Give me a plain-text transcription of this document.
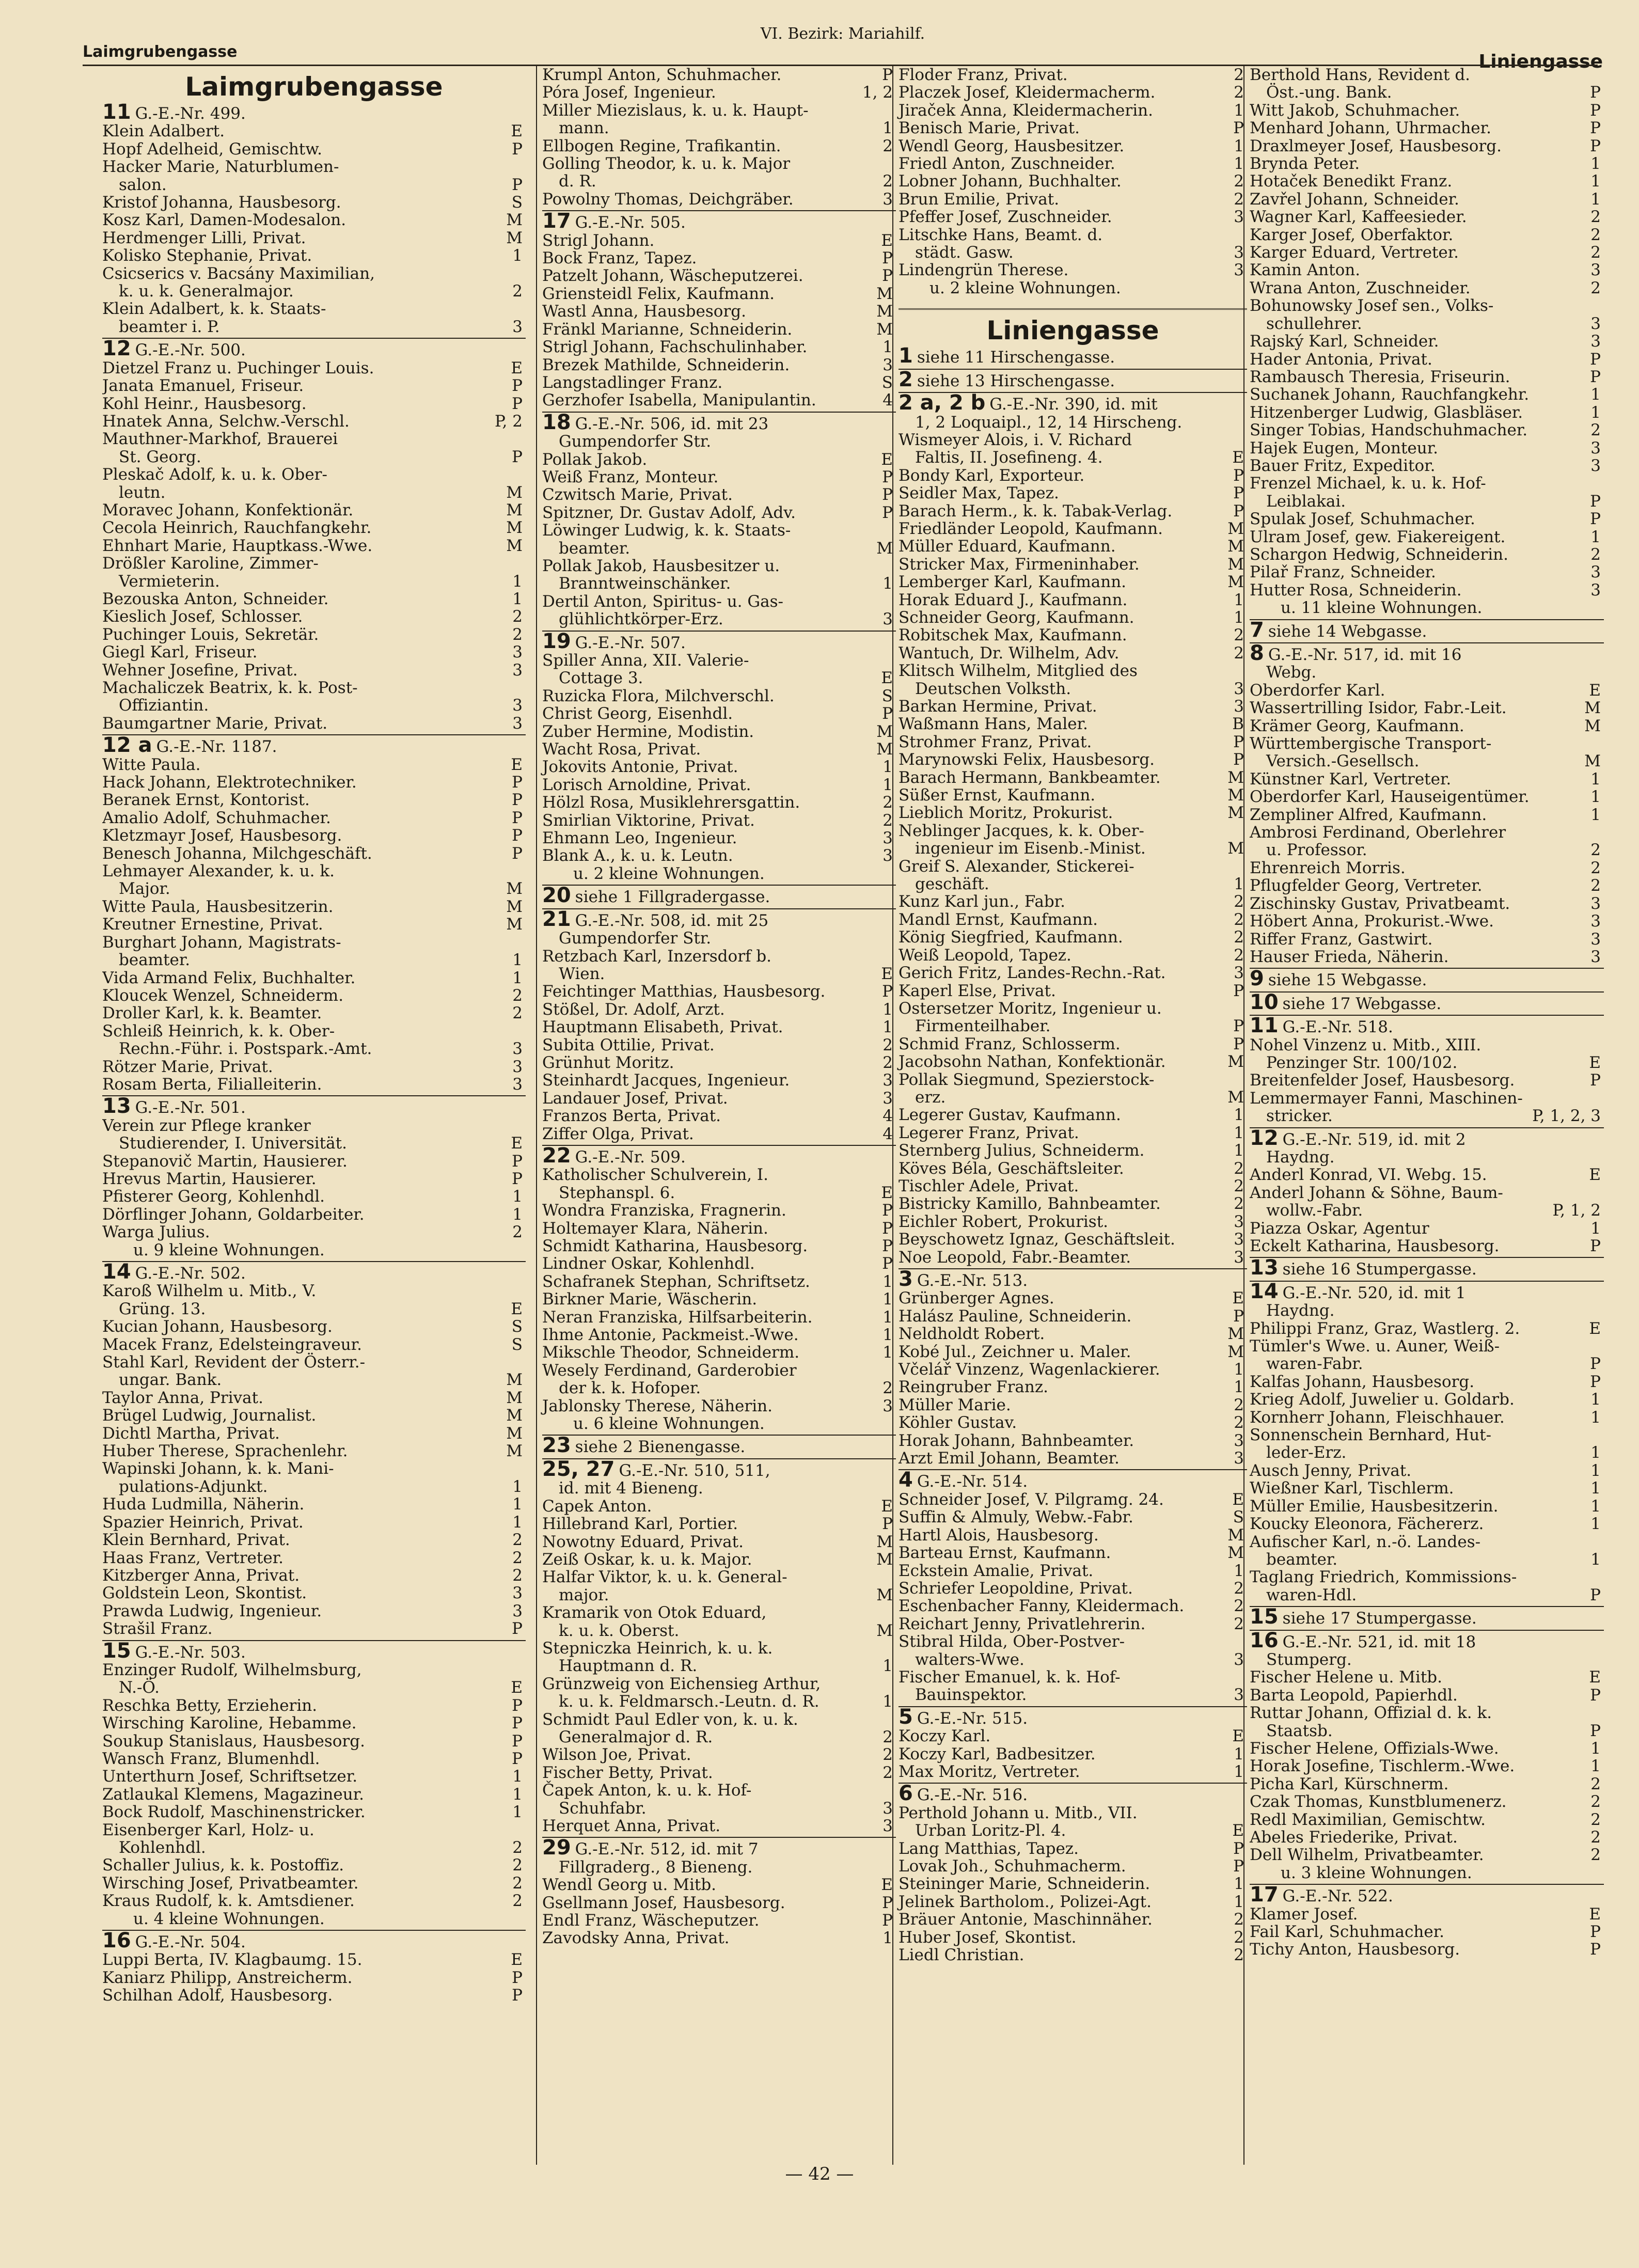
Laimgrubengasse
VI. Bezirk: Mariahilf.
Liniengasse
Laimgrubengasse
11 G.-E.-Nr. 499.
Klein Adalbert.	E
Hopf Adelheid, Gemischtw.	P
Hacker Marie, Naturblumen-
salon.	P
Kristof Johanna, Hausbesorg.	S
Kosz Karl, Damen-Modesalon.	M
Herdmenger Lilli, Privat.	M
Kolisko Stephanie, Privat.	1
Csicserics v. Bacsány Maximilian,
k. u. k. Generalmajor.	2
Klein Adalbert, k. k. Staats-
beamter i. P.	3
12 G.-E.-Nr. 500.
Dietzel Franz u. Puchinger Louis.	E
Janata Emanuel, Friseur.	P
Kohl Heinr., Hausbesorg.	P
Hnatek Anna, Selchw.-Verschl.	P, 2
Mauthner-Markhof, Brauerei
St. Georg.	P
Pleskač Adolf, k. u. k. Ober-
leutn.	M
Moravec Johann, Konfektionär.	M
Cecola Heinrich, Rauchfangkehr.	M
Ehnhart Marie, Hauptkass.-Wwe.	M
Drößler Karoline, Zimmer-
Vermieterin.	1
Bezouska Anton, Schneider.	1
Kieslich Josef, Schlosser.	2
Puchinger Louis, Sekretär.	2
Giegl Karl, Friseur.	3
Wehner Josefine, Privat.	3
Machaliczek Beatrix, k. k. Post-
Offiziantin.	3
Baumgartner Marie, Privat.	3
12 a G.-E.-Nr. 1187.
Witte Paula.	E
Hack Johann, Elektrotechniker.	P
Beranek Ernst, Kontorist.	P
Amalio Adolf, Schuhmacher.	P
Kletzmayr Josef, Hausbesorg.	P
Benesch Johanna, Milchgeschäft.	P
Lehmayer Alexander, k. u. k.
Major.	M
Witte Paula, Hausbesitzerin.	M
Kreutner Ernestine, Privat.	M
Burghart Johann, Magistrats-
beamter.	1
Vida Armand Felix, Buchhalter.	1
Kloucek Wenzel, Schneiderm.	2
Droller Karl, k. k. Beamter.	2
Schleiß Heinrich, k. k. Ober-
Rechn.-Führ. i. Postspark.-Amt.	3
Rötzer Marie, Privat.	3
Rosam Berta, Filialleiterin.	3
13 G.-E.-Nr. 501.
Verein zur Pflege kranker
Studierender, I. Universität.	E
Stepanovič Martin, Hausierer.	P
Hrevus Martin, Hausierer.	P
Pfisterer Georg, Kohlenhdl.	1
Dörflinger Johann, Goldarbeiter.	1
Warga Julius.	2
u. 9 kleine Wohnungen.
14 G.-E.-Nr. 502.
Karoß Wilhelm u. Mitb., V.
Grüng. 13.	E
Kucian Johann, Hausbesorg.	S
Macek Franz, Edelsteingraveur.	S
Stahl Karl, Revident der Österr.-
ungar. Bank.	M
Taylor Anna, Privat.	M
Brügel Ludwig, Journalist.	M
Dichtl Martha, Privat.	M
Huber Therese, Sprachenlehr.	M
Wapinski Johann, k. k. Mani-
pulations-Adjunkt.	1
Huda Ludmilla, Näherin.	1
Spazier Heinrich, Privat.	1
Klein Bernhard, Privat.	2
Haas Franz, Vertreter.	2
Kitzberger Anna, Privat.	2
Goldstein Leon, Skontist.	3
Prawda Ludwig, Ingenieur.	3
Strašil Franz.	P
15 G.-E.-Nr. 503.
Enzinger Rudolf, Wilhelmsburg,
N.-Ö.	E
Reschka Betty, Erzieherin.	P
Wirsching Karoline, Hebamme.	P
Soukup Stanislaus, Hausbesorg.	P
Wansch Franz, Blumenhdl.	P
Unterthurn Josef, Schriftsetzer.	1
Zatlaukal Klemens, Magazineur.	1
Bock Rudolf, Maschinenstricker.	1
Eisenberger Karl, Holz- u.
Kohlenhdl.	2
Schaller Julius, k. k. Postoffiz.	2
Wirsching Josef, Privatbeamter.	2
Kraus Rudolf, k. k. Amtsdiener.	2
u. 4 kleine Wohnungen.
16 G.-E.-Nr. 504.
Luppi Berta, IV. Klagbaumg. 15.	E
Kaniarz Philipp, Anstreicherm.	P
Schilhan Adolf, Hausbesorg.	P
Krumpl Anton, Schuhmacher.	P
Póra Josef, Ingenieur.	1, 2
Miller Miezislaus, k. u. k. Haupt-
mann.	1
Ellbogen Regine, Trafikantin.	2
Golling Theodor, k. u. k. Major
d. R.	2
Powolny Thomas, Deichgräber.	3
17 G.-E.-Nr. 505.
Strigl Johann.	E
Bock Franz, Tapez.	P
Patzelt Johann, Wäscheputzerei.	P
Griensteidl Felix, Kaufmann.	M
Wastl Anna, Hausbesorg.	M
Fränkl Marianne, Schneiderin.	M
Strigl Johann, Fachschulinhaber.	1
Brezek Mathilde, Schneiderin.	3
Langstadlinger Franz.	S
Gerzhofer Isabella, Manipulantin.	4
18 G.-E.-Nr. 506, id. mit 23
Gumpendorfer Str.
Pollak Jakob.	E
Weiß Franz, Monteur.	P
Czwitsch Marie, Privat.	P
Spitzner, Dr. Gustav Adolf, Adv.	P
Löwinger Ludwig, k. k. Staats-
beamter.	M
Pollak Jakob, Hausbesitzer u.
Branntweinschänker.	1
Dertil Anton, Spiritus- u. Gas-
glühlichtkörper-Erz.	3
19 G.-E.-Nr. 507.
Spiller Anna, XII. Valerie-
Cottage 3.	E
Ruzicka Flora, Milchverschl.	S
Christ Georg, Eisenhdl.	P
Zuber Hermine, Modistin.	M
Wacht Rosa, Privat.	M
Jokovits Antonie, Privat.	1
Lorisch Arnoldine, Privat.	1
Hölzl Rosa, Musiklehrersgattin.	2
Smirlian Viktorine, Privat.	2
Ehmann Leo, Ingenieur.	3
Blank A., k. u. k. Leutn.	3
u. 2 kleine Wohnungen.
20 siehe 1 Fillgradergasse.
21 G.-E.-Nr. 508, id. mit 25
Gumpendorfer Str.
Retzbach Karl, Inzersdorf b.
Wien.	E
Feichtinger Matthias, Hausbesorg.	P
Stößel, Dr. Adolf, Arzt.	1
Hauptmann Elisabeth, Privat.	1
Subita Ottilie, Privat.	2
Grünhut Moritz.	2
Steinhardt Jacques, Ingenieur.	3
Landauer Josef, Privat.	3
Franzos Berta, Privat.	4
Ziffer Olga, Privat.	4
22 G.-E.-Nr. 509.
Katholischer Schulverein, I.
Stephanspl. 6.	E
Wondra Franziska, Fragnerin.	P
Holtemayer Klara, Näherin.	P
Schmidt Katharina, Hausbesorg.	P
Lindner Oskar, Kohlenhdl.	P
Schafranek Stephan, Schriftsetz.	1
Birkner Marie, Wäscherin.	1
Neran Franziska, Hilfsarbeiterin.	1
Ihme Antonie, Packmeist.-Wwe.	1
Mikschle Theodor, Schneiderm.	1
Wesely Ferdinand, Garderobier
der k. k. Hofoper.	2
Jablonsky Therese, Näherin.	3
u. 6 kleine Wohnungen.
23 siehe 2 Bienengasse.
25, 27 G.-E.-Nr. 510, 511,
id. mit 4 Bieneng.
Capek Anton.	E
Hillebrand Karl, Portier.	P
Nowotny Eduard, Privat.	M
Zeiß Oskar, k. u. k. Major.	M
Halfar Viktor, k. u. k. General-
major.	M
Kramarik von Otok Eduard,
k. u. k. Oberst.	M
Stepniczka Heinrich, k. u. k.
Hauptmann d. R.	1
Grünzweig von Eichensieg Arthur,
k. u. k. Feldmarsch.-Leutn. d. R.	1
Schmidt Paul Edler von, k. u. k.
Generalmajor d. R.	2
Wilson Joe, Privat.	2
Fischer Betty, Privat.	2
Čapek Anton, k. u. k. Hof-
Schuhfabr.	3
Herquet Anna, Privat.	3
29 G.-E.-Nr. 512, id. mit 7
Fillgraderg., 8 Bieneng.
Wendl Georg u. Mitb.	E
Gsellmann Josef, Hausbesorg.	P
Endl Franz, Wäscheputzer.	P
Zavodsky Anna, Privat.	1
Floder Franz, Privat.	2
Placzek Josef, Kleidermacherm.	2
Jiraček Anna, Kleidermacherin.	1
Benisch Marie, Privat.	P
Wendl Georg, Hausbesitzer.	1
Friedl Anton, Zuschneider.	1
Lobner Johann, Buchhalter.	2
Brun Emilie, Privat.	2
Pfeffer Josef, Zuschneider.	3
Litschke Hans, Beamt. d.
städt. Gasw.	3
Lindengrün Therese.	3
u. 2 kleine Wohnungen.
Liniengasse
1 siehe 11 Hirschengasse.
2 siehe 13 Hirschengasse.
2 a, 2 b G.-E.-Nr. 390, id. mit
1, 2 Loquaipl., 12, 14 Hirscheng.
Wismeyer Alois, i. V. Richard
Faltis, II. Josefineng. 4.	E
Bondy Karl, Exporteur.	P
Seidler Max, Tapez.	P
Barach Herm., k. k. Tabak-Verlag.	P
Friedländer Leopold, Kaufmann.	M
Müller Eduard, Kaufmann.	M
Stricker Max, Firmeninhaber.	M
Lemberger Karl, Kaufmann.	M
Horak Eduard J., Kaufmann.	1
Schneider Georg, Kaufmann.	1
Robitschek Max, Kaufmann.	2
Wantuch, Dr. Wilhelm, Adv.	2
Klitsch Wilhelm, Mitglied des
Deutschen Volksth.	3
Barkan Hermine, Privat.	3
Waßmann Hans, Maler.	B
Strohmer Franz, Privat.	P
Marynowski Felix, Hausbesorg.	P
Barach Hermann, Bankbeamter.	M
Süßer Ernst, Kaufmann.	M
Lieblich Moritz, Prokurist.	M
Neblinger Jacques, k. k. Ober-
ingenieur im Eisenb.-Minist.	M
Greif S. Alexander, Stickerei-
geschäft.	1
Kunz Karl jun., Fabr.	2
Mandl Ernst, Kaufmann.	2
König Siegfried, Kaufmann.	2
Weiß Leopold, Tapez.	2
Gerich Fritz, Landes-Rechn.-Rat.	3
Kaperl Else, Privat.	P
Ostersetzer Moritz, Ingenieur u.
Firmenteilhaber.	P
Schmid Franz, Schlosserm.	P
Jacobsohn Nathan, Konfektionär.	M
Pollak Siegmund, Spezierstock-
erz.	M
Legerer Gustav, Kaufmann.	1
Legerer Franz, Privat.	1
Sternberg Julius, Schneiderm.	1
Köves Béla, Geschäftsleiter.	2
Tischler Adele, Privat.	2
Bistricky Kamillo, Bahnbeamter.	2
Eichler Robert, Prokurist.	3
Beyschowetz Ignaz, Geschäftsleit.	3
Noe Leopold, Fabr.-Beamter.	3
3 G.-E.-Nr. 513.
Grünberger Agnes.	E
Halász Pauline, Schneiderin.	P
Neldholdt Robert.	M
Kobé Jul., Zeichner u. Maler.	M
Včelář Vinzenz, Wagenlackierer.	1
Reingruber Franz.	1
Müller Marie.	2
Köhler Gustav.	2
Horak Johann, Bahnbeamter.	3
Arzt Emil Johann, Beamter.	3
4 G.-E.-Nr. 514.
Schneider Josef, V. Pilgramg. 24.	E
Suffin & Almuly, Webw.-Fabr.	S
Hartl Alois, Hausbesorg.	M
Barteau Ernst, Kaufmann.	M
Eckstein Amalie, Privat.	1
Schriefer Leopoldine, Privat.	2
Eschenbacher Fanny, Kleidermach.	2
Reichart Jenny, Privatlehrerin.	2
Stibral Hilda, Ober-Postver-
walters-Wwe.	3
Fischer Emanuel, k. k. Hof-
Bauinspektor.	3
5 G.-E.-Nr. 515.
Koczy Karl.	E
Koczy Karl, Badbesitzer.	1
Max Moritz, Vertreter.	1
6 G.-E.-Nr. 516.
Perthold Johann u. Mitb., VII.
Urban Loritz-Pl. 4.	E
Lang Matthias, Tapez.	P
Lovak Joh., Schuhmacherm.	P
Steininger Marie, Schneiderin.	1
Jelinek Bartholom., Polizei-Agt.	1
Bräuer Antonie, Maschinnäher.	2
Huber Josef, Skontist.	2
Liedl Christian.	2
Berthold Hans, Revident d.
Öst.-ung. Bank.	P
Witt Jakob, Schuhmacher.	P
Menhard Johann, Uhrmacher.	P
Draxlmeyer Josef, Hausbesorg.	P
Brynda Peter.	1
Hotaček Benedikt Franz.	1
Zavřel Johann, Schneider.	1
Wagner Karl, Kaffeesieder.	2
Karger Josef, Oberfaktor.	2
Karger Eduard, Vertreter.	2
Kamin Anton.	3
Wrana Anton, Zuschneider.	2
Bohunowsky Josef sen., Volks-
schullehrer.	3
Rajský Karl, Schneider.	3
Hader Antonia, Privat.	P
Rambausch Theresia, Friseurin.	P
Suchanek Johann, Rauchfangkehr.	1
Hitzenberger Ludwig, Glasbläser.	1
Singer Tobias, Handschuhmacher.	2
Hajek Eugen, Monteur.	3
Bauer Fritz, Expeditor.	3
Frenzel Michael, k. u. k. Hof-
Leiblakai.	P
Spulak Josef, Schuhmacher.	P
Ulram Josef, gew. Fiakereigent.	1
Schargon Hedwig, Schneiderin.	2
Pilař Franz, Schneider.	3
Hutter Rosa, Schneiderin.	3
u. 11 kleine Wohnungen.
7 siehe 14 Webgasse.
8 G.-E.-Nr. 517, id. mit 16
Webg.
Oberdorfer Karl.	E
Wassertrilling Isidor, Fabr.-Leit.	M
Krämer Georg, Kaufmann.	M
Württembergische Transport-
Versich.-Gesellsch.	M
Künstner Karl, Vertreter.	1
Oberdorfer Karl, Hauseigentümer.	1
Zempliner Alfred, Kaufmann.	1
Ambrosi Ferdinand, Oberlehrer
u. Professor.	2
Ehrenreich Morris.	2
Pflugfelder Georg, Vertreter.	2
Zischinsky Gustav, Privatbeamt.	3
Höbert Anna, Prokurist.-Wwe.	3
Riffer Franz, Gastwirt.	3
Hauser Frieda, Näherin.	3
9 siehe 15 Webgasse.
10 siehe 17 Webgasse.
11 G.-E.-Nr. 518.
Nohel Vinzenz u. Mitb., XIII.
Penzinger Str. 100/102.	E
Breitenfelder Josef, Hausbesorg.	P
Lemmermayer Fanni, Maschinen-
stricker.	P, 1, 2, 3
12 G.-E.-Nr. 519, id. mit 2
Haydng.
Anderl Konrad, VI. Webg. 15.	E
Anderl Johann & Söhne, Baum-
wollw.-Fabr.	P, 1, 2
Piazza Oskar, Agentur	1
Eckelt Katharina, Hausbesorg.	P
13 siehe 16 Stumpergasse.
14 G.-E.-Nr. 520, id. mit 1
Haydng.
Philippi Franz, Graz, Wastlerg. 2.	E
Tümler's Wwe. u. Auner, Weiß-
waren-Fabr.	P
Kalfas Johann, Hausbesorg.	P
Krieg Adolf, Juwelier u. Goldarb.	1
Kornherr Johann, Fleischhauer.	1
Sonnenschein Bernhard, Hut-
leder-Erz.	1
Ausch Jenny, Privat.	1
Wießner Karl, Tischlerm.	1
Müller Emilie, Hausbesitzerin.	1
Koucky Eleonora, Fächererz.	1
Aufischer Karl, n.-ö. Landes-
beamter.	1
Taglang Friedrich, Kommissions-
waren-Hdl.	P
15 siehe 17 Stumpergasse.
16 G.-E.-Nr. 521, id. mit 18
Stumperg.
Fischer Helene u. Mitb.	E
Barta Leopold, Papierhdl.	P
Ruttar Johann, Offizial d. k. k.
Staatsb.	P
Fischer Helene, Offizials-Wwe.	1
Horak Josefine, Tischlerm.-Wwe.	1
Picha Karl, Kürschnerm.	2
Czak Thomas, Kunstblumenerz.	2
Redl Maximilian, Gemischtw.	2
Abeles Friederike, Privat.	2
Dell Wilhelm, Privatbeamter.	2
u. 3 kleine Wohnungen.
17 G.-E.-Nr. 522.
Klamer Josef.	E
Fail Karl, Schuhmacher.	P
Tichy Anton, Hausbesorg.	P
— 42 —
